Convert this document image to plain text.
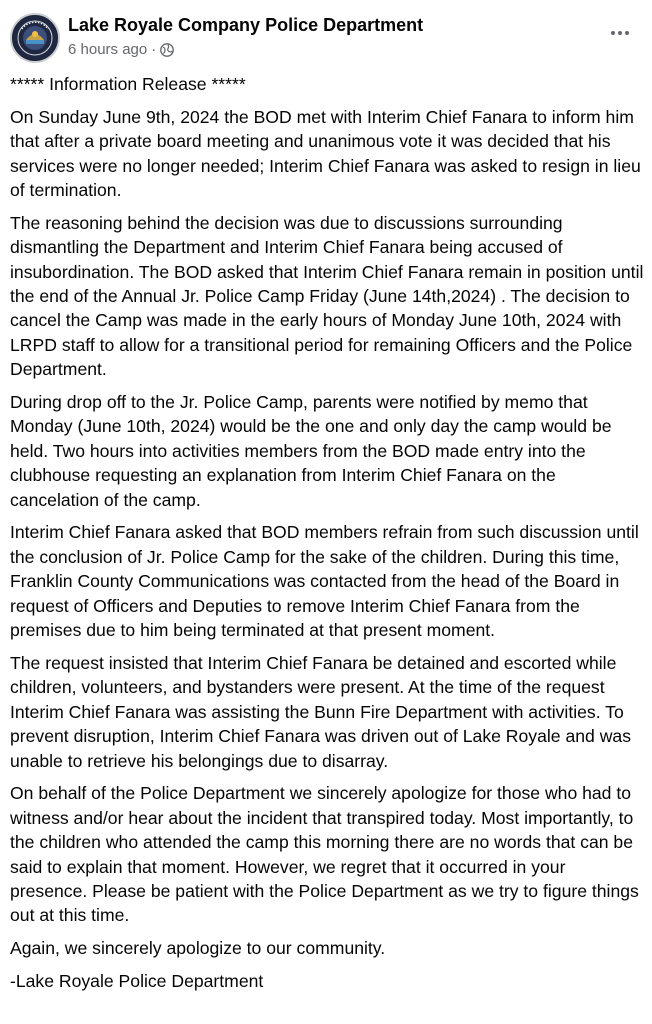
Lake Royale Company Police Department
6 hours ago ·

***** Information Release *****

On Sunday June 9th, 2024 the BOD met with Interim Chief Fanara to inform him that after a private board meeting and unanimous vote it was decided that his services were no longer needed; Interim Chief Fanara was asked to resign in lieu of termination.

The reasoning behind the decision was due to discussions surrounding dismantling the Department and Interim Chief Fanara being accused of insubordination. The BOD asked that Interim Chief Fanara remain in position until the end of the Annual Jr. Police Camp Friday (June 14th,2024) . The decision to cancel the Camp was made in the early hours of Monday June 10th, 2024 with LRPD staff to allow for a transitional period for remaining Officers and the Police Department.

During drop off to the Jr. Police Camp, parents were notified by memo that Monday (June 10th, 2024) would be the one and only day the camp would be held. Two hours into activities members from the BOD made entry into the clubhouse requesting an explanation from Interim Chief Fanara on the cancelation of the camp.

Interim Chief Fanara asked that BOD members refrain from such discussion until the conclusion of Jr. Police Camp for the sake of the children. During this time, Franklin County Communications was contacted from the head of the Board in request of Officers and Deputies to remove Interim Chief Fanara from the premises due to him being terminated at that present moment.

The request insisted that Interim Chief Fanara be detained and escorted while children, volunteers, and bystanders were present. At the time of the request Interim Chief Fanara was assisting the Bunn Fire Department with activities. To prevent disruption, Interim Chief Fanara was driven out of Lake Royale and was unable to retrieve his belongings due to disarray.

On behalf of the Police Department we sincerely apologize for those who had to witness and/or hear about the incident that transpired today. Most importantly, to the children who attended the camp this morning there are no words that can be said to explain that moment. However, we regret that it occurred in your presence. Please be patient with the Police Department as we try to figure things out at this time.

Again, we sincerely apologize to our community.

-Lake Royale Police Department
